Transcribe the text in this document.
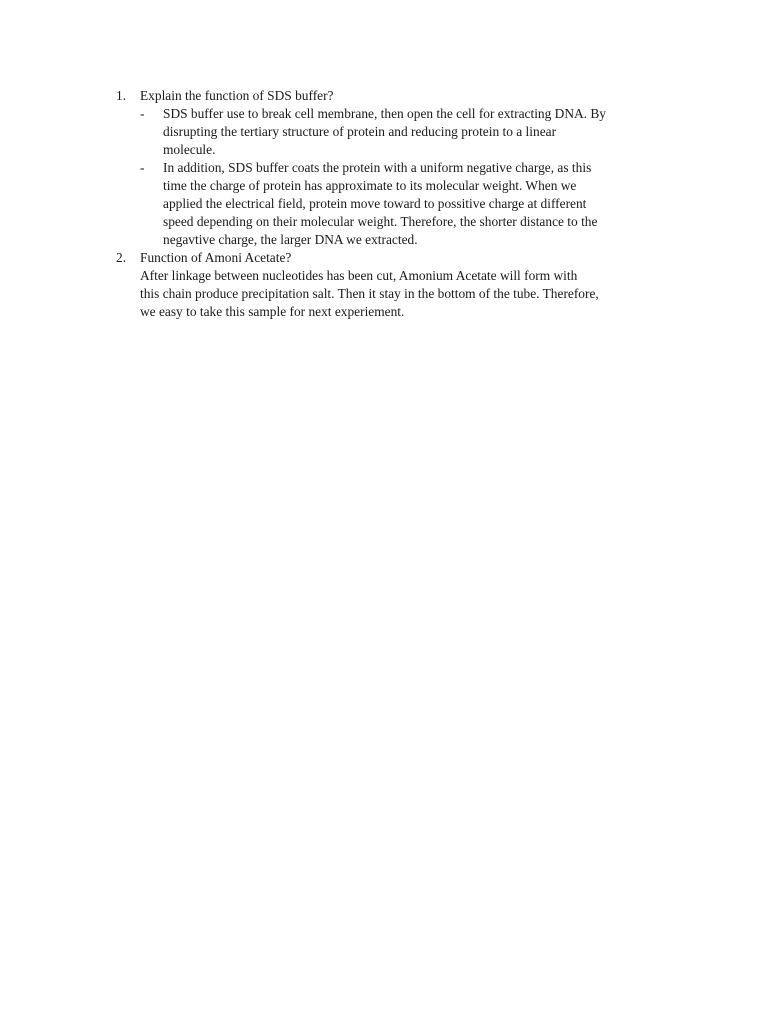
1. Explain the function of SDS buffer?
- SDS buffer use to break cell membrane, then open the cell for extracting DNA. By
disrupting the tertiary structure of protein and reducing protein to a linear
molecule.
- In addition, SDS buffer coats the protein with a uniform negative charge, as this
time the charge of protein has approximate to its molecular weight. When we
applied the electrical field, protein move toward to possitive charge at different
speed depending on their molecular weight. Therefore, the shorter distance to the
negavtive charge, the larger DNA we extracted.
2. Function of Amoni Acetate?
After linkage between nucleotides has been cut, Amonium Acetate will form with
this chain produce precipitation salt. Then it stay in the bottom of the tube. Therefore,
we easy to take this sample for next experiement.
